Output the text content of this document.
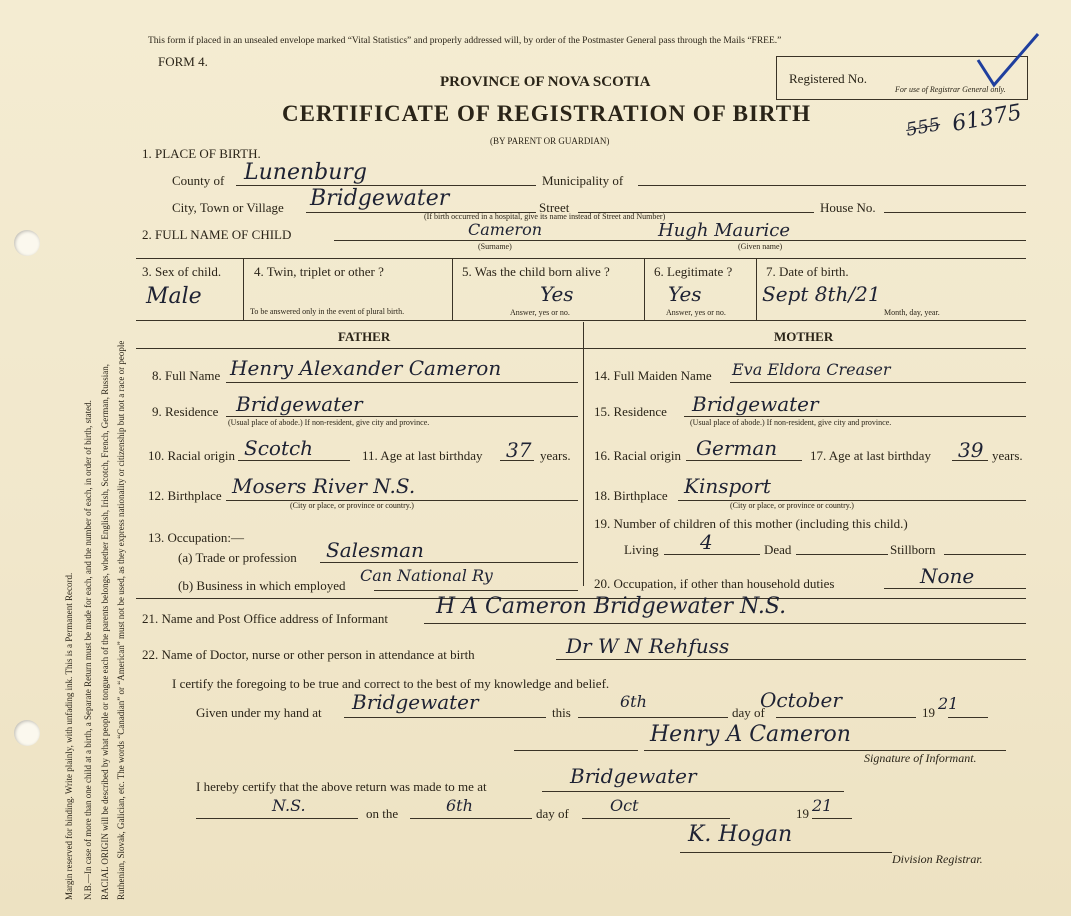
Margin reserved for binding. Write plainly, with unfading ink. This is a Permanent Record. N.B.—In case of more than one child at a birth, a Separate Return must be made for each, and the number of each, in order of birth, stated. RACIAL ORIGIN will be described by what people or tongue each of the parents belongs, whether English, Irish, Scotch, French, German, Russian, Ruthenian, Slovak, Galician, etc. The words “Canadian” or “American” must not be used, as they express nationality or citizenship but not a race or people
This form if placed in an unsealed envelope marked “Vital Statistics” and properly addressed will, by order of the Postmaster General pass through the Mails “FREE.”
FORM 4.
PROVINCE OF NOVA SCOTIA
CERTIFICATE OF REGISTRATION OF BIRTH
(BY PARENT OR GUARDIAN)
Registered No.
For use of Registrar General only.
555 61375
1. PLACE OF BIRTH.
County of Lunenburg	Municipality of
City, Town or Village Bridgewater	Street	House No.
(If birth occurred in a hospital, give its name instead of Street and Number)
2. FULL NAME OF CHILD	Cameron	Hugh Maurice
(Surname)	(Given name)
3. Sex of child.
Male
4. Twin, triplet or other ?
To be answered only in the event of plural birth.
5. Was the child born alive ?
Yes
Answer, yes or no.
6. Legitimate ?
Yes
Answer, yes or no.
7. Date of birth.
Sept 8th/21
Month, day, year.
FATHER	MOTHER
8. Full Name Henry Alexander Cameron
9. Residence Bridgewater
(Usual place of abode.) If non-resident, give city and province.
10. Racial origin Scotch	11. Age at last birthday 37 years.
12. Birthplace Mosers River N.S.
(City or place, or province or country.)
13. Occupation:—
(a) Trade or profession Salesman
(b) Business in which employed
Can National Ry
14. Full Maiden Name Eva Eldora Creaser
15. Residence Bridgewater
(Usual place of abode.) If non-resident, give city and province.
16. Racial origin German	17. Age at last birthday 39 years.
18. Birthplace Kinsport
(City or place, or province or country.)
19. Number of children of this mother (including this child.)
Living 4	Dead	Stillborn
20. Occupation, if other than household duties	None
21. Name and Post Office address of Informant H A Cameron Bridgewater N.S.
22. Name of Doctor, nurse or other person in attendance at birth	Dr W N Rehfuss
I certify the foregoing to be true and correct to the best of my knowledge and belief.
Given under my hand at Bridgewater	this
6th
day of
October
19 21
Henry A Cameron
Signature of Informant.
I hereby certify that the above return was made to me at	Bridgewater
N.S.	on the	6th	day of	Oct	19 21
K. Hogan
Division Registrar.
